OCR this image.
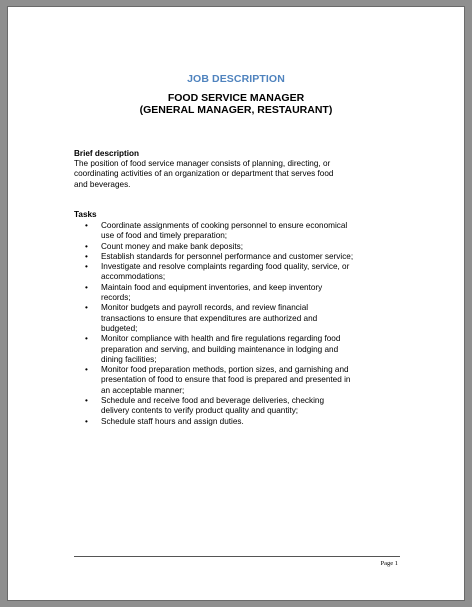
JOB DESCRIPTION
FOOD SERVICE MANAGER
(GENERAL MANAGER, RESTAURANT)
Brief description
The position of food service manager consists of planning, directing, or coordinating activities of an organization or department that serves food and beverages.
Tasks
• Coordinate assignments of cooking personnel to ensure economical use of food and timely preparation;
• Count money and make bank deposits;
• Establish standards for personnel performance and customer service;
• Investigate and resolve complaints regarding food quality, service, or accommodations;
• Maintain food and equipment inventories, and keep inventory records;
• Monitor budgets and payroll records, and review financial transactions to ensure that expenditures are authorized and budgeted;
• Monitor compliance with health and fire regulations regarding food preparation and serving, and building maintenance in lodging and dining facilities;
• Monitor food preparation methods, portion sizes, and garnishing and presentation of food to ensure that food is prepared and presented in an acceptable manner;
• Schedule and receive food and beverage deliveries, checking delivery contents to verify product quality and quantity;
• Schedule staff hours and assign duties.
Page 1
